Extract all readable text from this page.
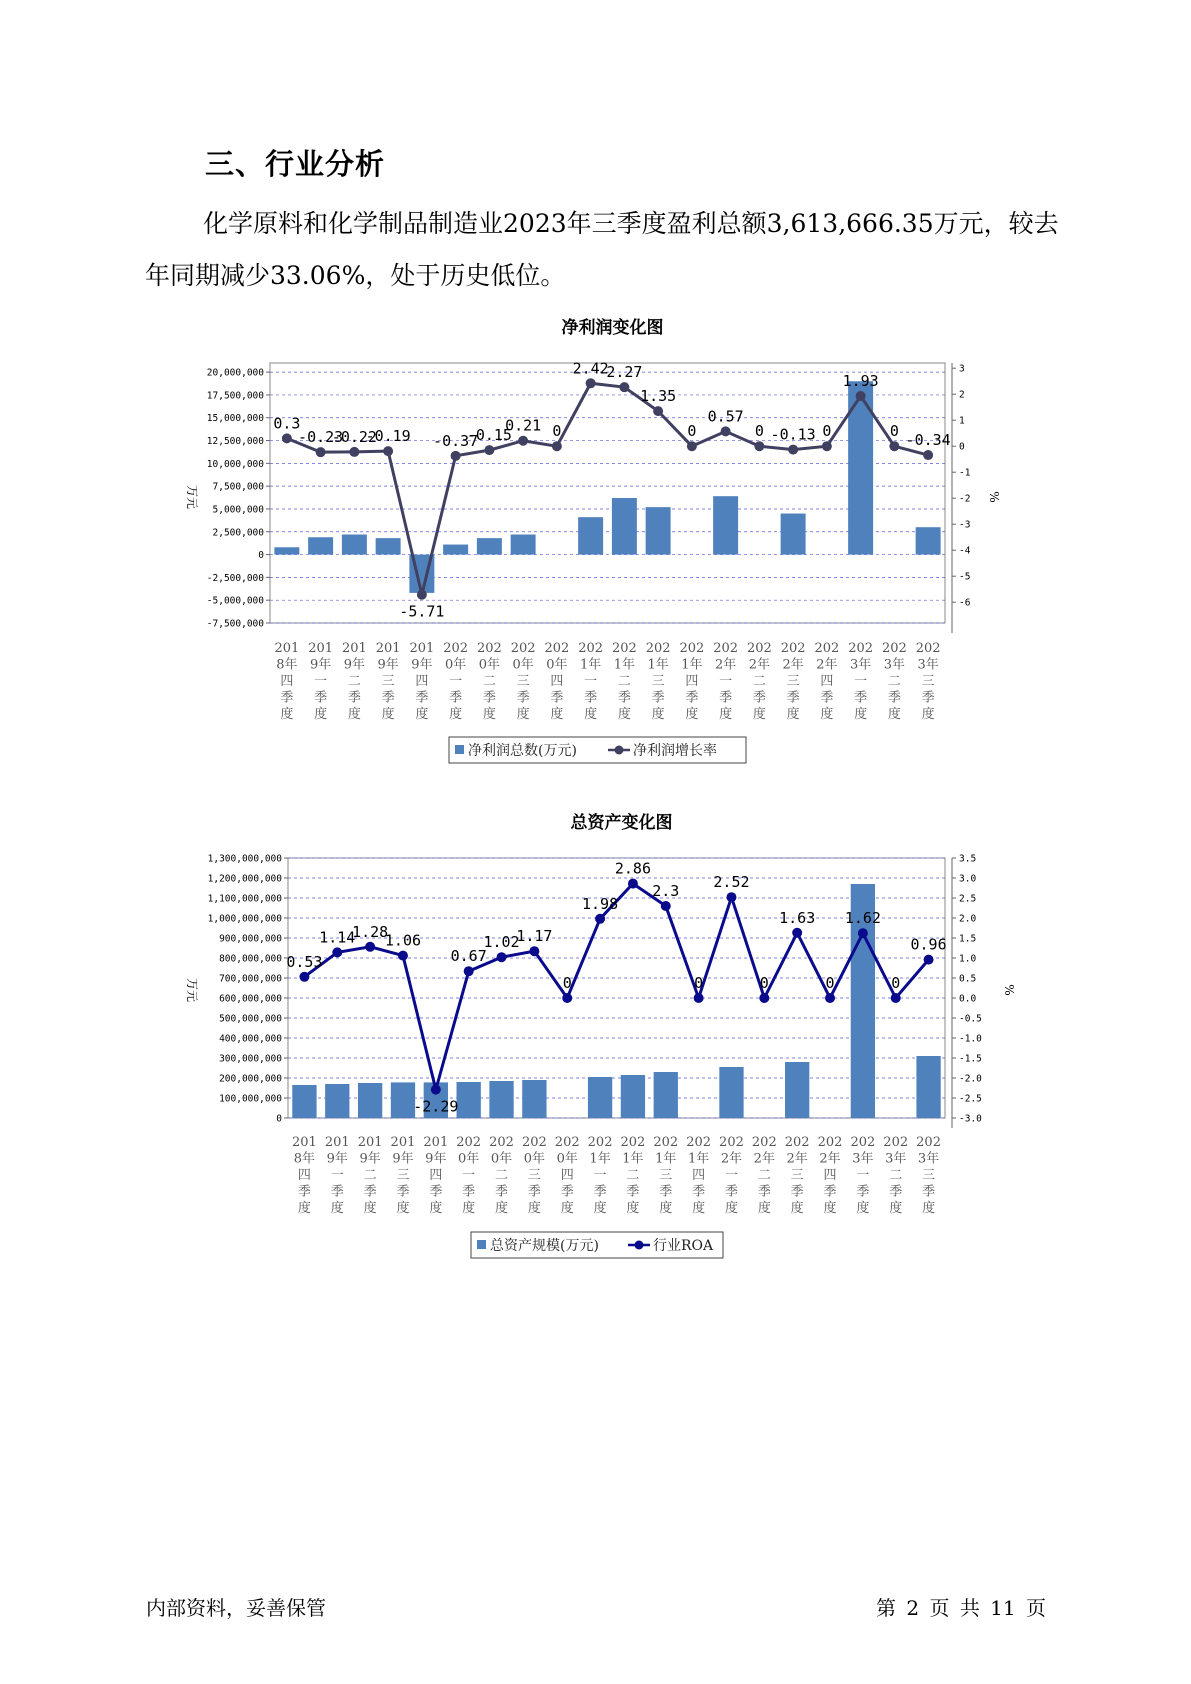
三、行业分析

化学原料和化学制品制造业2023年三季度盈利总额3,613,666.35万元，较去年同期减少33.06%，处于历史低位。

净利润变化图
20,000,000
17,500,000
15,000,000
12,500,000
10,000,000
7,500,000
5,000,000
2,500,000
0
-2,500,000
-5,000,000
-7,500,000
3
2
1
0
-1
-2
-3
-4
-5
-6
万元	%
0.3
-0.23
-0.22
-0.19
-5.71
-0.37
-0.15
0.21 0
2.42
2.27
1.35
0
0.57
0 -0.13 0
1.93
0 -0.34
201 8年四季度
201 9年一季度
201 9年二季度
201 9年三季度
201 9年四季度
202 0年一季度
202 0年二季度
202 0年三季度
202 0年四季度
202 1年一季度
202 1年二季度
202 1年三季度
202 1年四季度
202 2年一季度
202 2年二季度
202 2年三季度
202 2年四季度
202 3年一季度
202 3年二季度
202 3年三季度
净利润总数(万元)	净利润增长率
总资产变化图
1,300,000,000
1,200,000,000
1,100,000,000
1,000,000,000
900,000,000
800,000,000
700,000,000
600,000,000
500,000,000
400,000,000
300,000,000
200,000,000
100,000,000
0
3.5
3.0
2.5
2.0
1.5
1.0
0.5
0.0
-0.5
-1.0
-1.5
-2.0
-2.5
-3.0
万元	%
0.53
1.14
1.28
1.06
-2.29
0.67
1.02
1.17
0
1.98
2.86
2.3
0
2.52
0
1.63
0
1.62
0
0.96
201 8年四季度
201 9年一季度
201 9年二季度
201 9年三季度
201 9年四季度
202 0年一季度
202 0年二季度
202 0年三季度
202 0年四季度
202 1年一季度
202 1年二季度
202 1年三季度
202 1年四季度
202 2年一季度
202 2年二季度
202 2年三季度
202 2年四季度
202 3年一季度
202 3年二季度
202 3年三季度
总资产规模(万元)	行业ROA
内部资料，妥善保管	第 2 页 共 11 页
